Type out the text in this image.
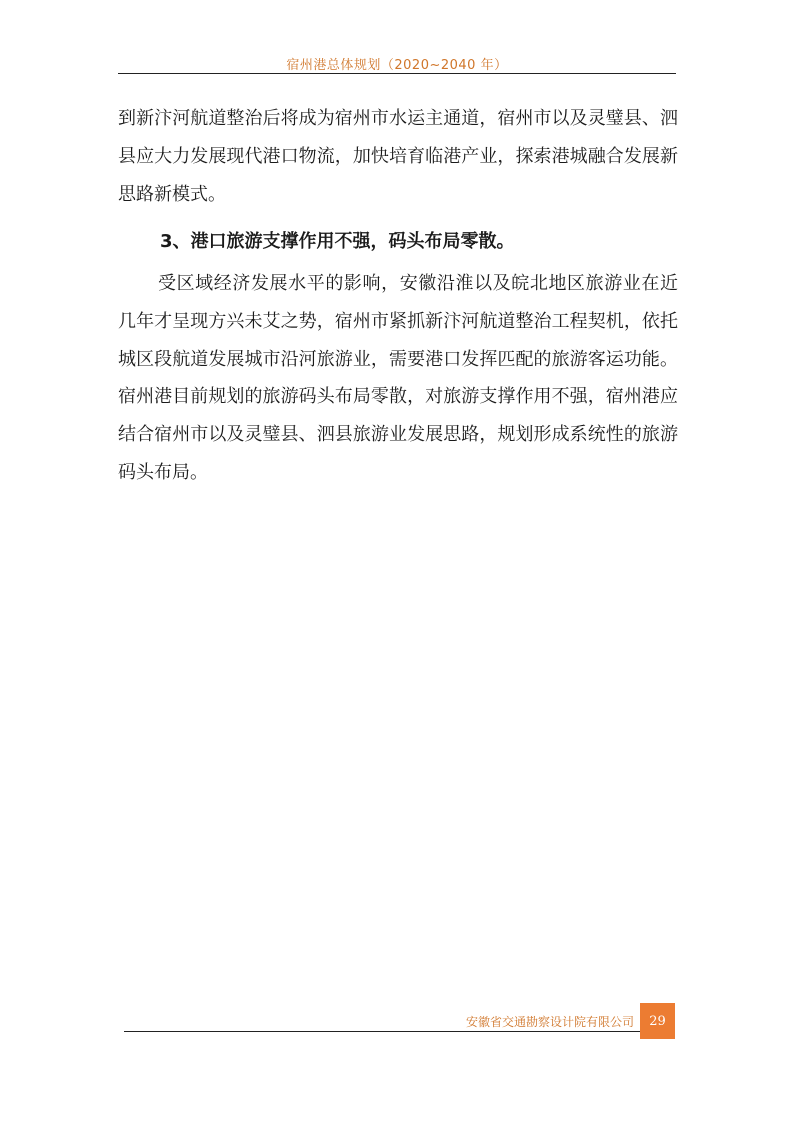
宿州港总体规划（2020~2040 年）

到新汴河航道整治后将成为宿州市水运主通道，宿州市以及灵璧县、泗县应大力发展现代港口物流，加快培育临港产业，探索港城融合发展新思路新模式。

3、港口旅游支撑作用不强，码头布局零散。

受区域经济发展水平的影响，安徽沿淮以及皖北地区旅游业在近几年才呈现方兴未艾之势，宿州市紧抓新汴河航道整治工程契机，依托城区段航道发展城市沿河旅游业，需要港口发挥匹配的旅游客运功能。宿州港目前规划的旅游码头布局零散，对旅游支撑作用不强，宿州港应结合宿州市以及灵璧县、泗县旅游业发展思路，规划形成系统性的旅游码头布局。

安徽省交通勘察设计院有限公司	29
